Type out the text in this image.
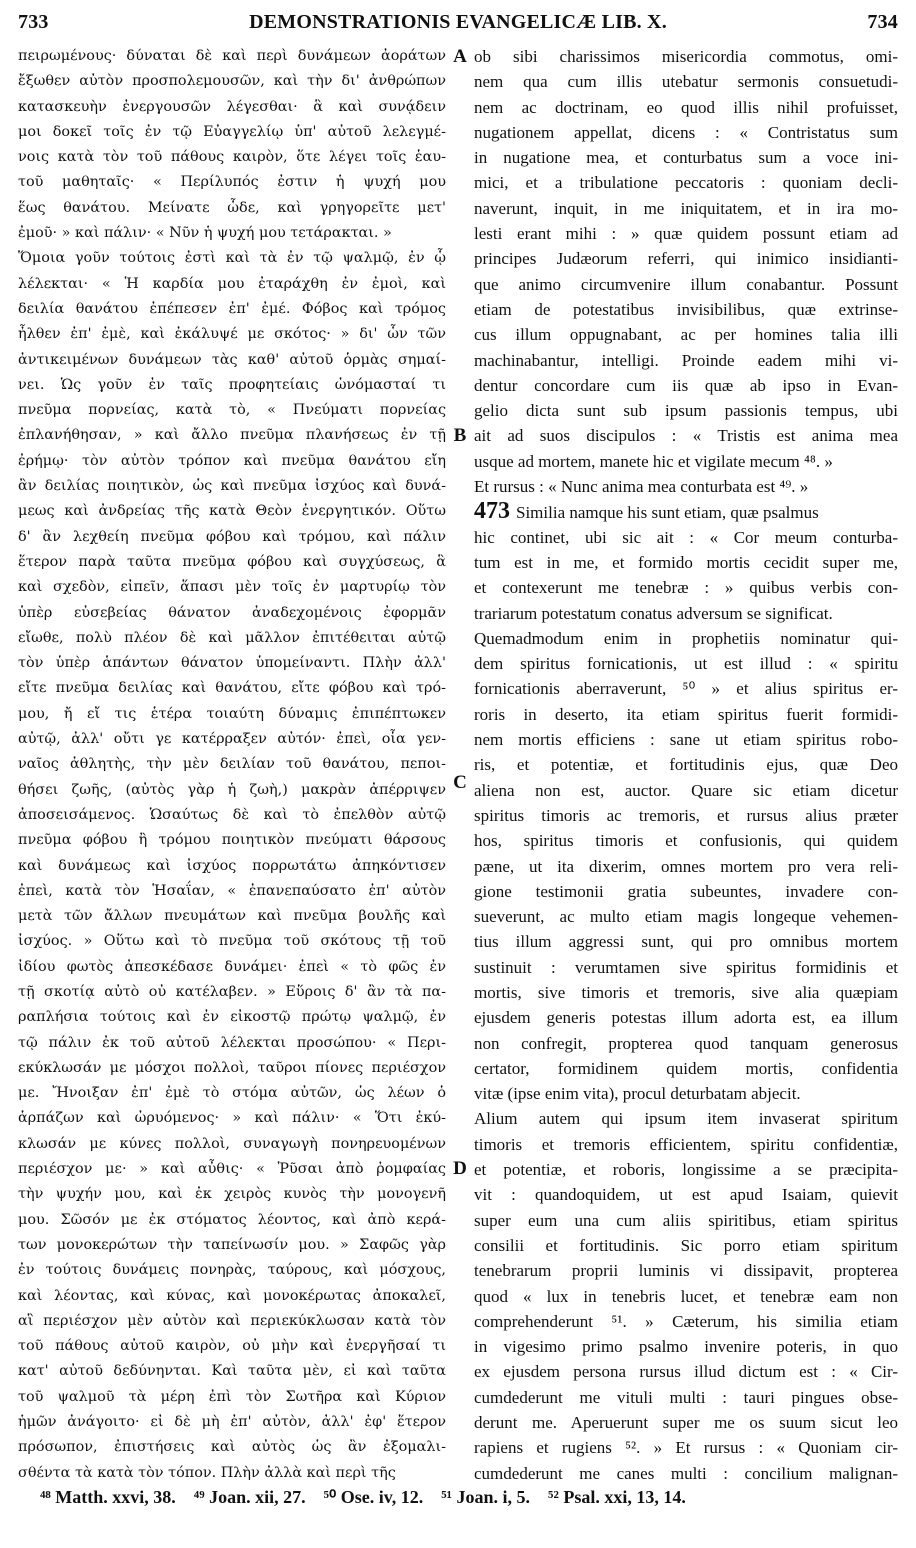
733	DEMONSTRATIONIS EVANGELICÆ LIB. X.	734
πειρωμένους· δύναται δὲ καὶ περὶ δυνάμεων ἀοράτων
ἔξωθεν αὐτὸν προσπολεμουσῶν, καὶ τὴν δι' ἀνθρώπων
κατασκευὴν ἐνεργουσῶν λέγεσθαι· ἃ καὶ συνᾴδειν
μοι δοκεῖ τοῖς ἐν τῷ Εὐαγγελίῳ ὑπ' αὐτοῦ λελεγμέ-
νοις κατὰ τὸν τοῦ πάθους καιρὸν, ὅτε λέγει τοῖς ἑαυ-
τοῦ μαθηταῖς· « Περίλυπός ἐστιν ἡ ψυχή μου
ἕως θανάτου. Μείνατε ὧδε, καὶ γρηγορεῖτε μετ'
ἐμοῦ· » καὶ πάλιν· « Νῦν ἡ ψυχή μου τετάρακται. »
Ὅμοια γοῦν τούτοις ἐστὶ καὶ τὰ ἐν τῷ ψαλμῷ, ἐν ᾧ
λέλεκται· « Ἡ καρδία μου ἐταράχθη ἐν ἐμοὶ, καὶ
δειλία θανάτου ἐπέπεσεν ἐπ' ἐμέ. Φόβος καὶ τρόμος
ἦλθεν ἐπ' ἐμὲ, καὶ ἐκάλυψέ με σκότος· » δι' ὧν τῶν
ἀντικειμένων δυνάμεων τὰς καθ' αὐτοῦ ὁρμὰς σημαί-
νει. Ὡς γοῦν ἐν ταῖς προφητείαις ὠνόμασταί τι
πνεῦμα πορνείας, κατὰ τὸ, « Πνεύματι πορνείας
ἐπλανήθησαν, » καὶ ἄλλο πνεῦμα πλανήσεως ἐν τῇ
ἐρήμῳ· τὸν αὐτὸν τρόπον καὶ πνεῦμα θανάτου εἴη
ἂν δειλίας ποιητικὸν, ὡς καὶ πνεῦμα ἰσχύος καὶ δυνά-
μεως καὶ ἀνδρείας τῆς κατὰ Θεὸν ἐνεργητικόν. Οὕτω
δ' ἂν λεχθείη πνεῦμα φόβου καὶ τρόμου, καὶ πάλιν
ἕτερον παρὰ ταῦτα πνεῦμα φόβου καὶ συγχύσεως, ἃ
καὶ σχεδὸν, εἰπεῖν, ἅπασι μὲν τοῖς ἐν μαρτυρίῳ τὸν
ὑπὲρ εὐσεβείας θάνατον ἀναδεχομένοις ἐφορμᾶν
εἴωθε, πολὺ πλέον δὲ καὶ μᾶλλον ἐπιτέθειται αὐτῷ
τὸν ὑπὲρ ἁπάντων θάνατον ὑπομείναντι. Πλὴν ἀλλ'
εἴτε πνεῦμα δειλίας καὶ θανάτου, εἴτε φόβου καὶ τρό-
μου, ἤ εἴ τις ἑτέρα τοιαύτη δύναμις ἐπιπέπτωκεν
αὐτῷ, ἀλλ' οὔτι γε κατέρραξεν αὐτόν· ἐπεὶ, οἷα γεν-
ναῖος ἀθλητὴς, τὴν μὲν δειλίαν τοῦ θανάτου, πεποι-
θήσει ζωῆς, (αὐτὸς γὰρ ἡ ζωὴ,) μακρὰν ἀπέρριψεν
ἀποσεισάμενος. Ὡσαύτως δὲ καὶ τὸ ἐπελθὸν αὐτῷ
πνεῦμα φόβου ἢ τρόμου ποιητικὸν πνεύματι θάρσους
καὶ δυνάμεως καὶ ἰσχύος πορρωτάτω ἀπηκόντισεν
ἐπεὶ, κατὰ τὸν Ἡσαΐαν, « ἐπανεπαύσατο ἐπ' αὐτὸν
μετὰ τῶν ἄλλων πνευμάτων καὶ πνεῦμα βουλῆς καὶ
ἰσχύος. » Οὕτω καὶ τὸ πνεῦμα τοῦ σκότους τῇ τοῦ
ἰδίου φωτὸς ἀπεσκέδασε δυνάμει· ἐπεὶ « τὸ φῶς ἐν
τῇ σκοτίᾳ αὐτὸ οὐ κατέλαβεν. » Εὕροις δ' ἂν τὰ πα-
ραπλήσια τούτοις καὶ ἐν εἰκοστῷ πρώτῳ ψαλμῷ, ἐν
τῷ πάλιν ἐκ τοῦ αὐτοῦ λέλεκται προσώπου· « Περι-
εκύκλωσάν με μόσχοι πολλοὶ, ταῦροι πίονες περιέσχον
με. Ἤνοιξαν ἐπ' ἐμὲ τὸ στόμα αὐτῶν, ὡς λέων ὁ
ἁρπάζων καὶ ὠρυόμενος· » καὶ πάλιν· « Ὅτι ἐκύ-
κλωσάν με κύνες πολλοὶ, συναγωγὴ πονηρευομένων
περιέσχον με· » καὶ αὖθις· « Ῥῦσαι ἀπὸ ῥομφαίας
τὴν ψυχήν μου, καὶ ἐκ χειρὸς κυνὸς τὴν μονογενῆ
μου. Σῶσόν με ἐκ στόματος λέοντος, καὶ ἀπὸ κερά-
των μονοκερώτων τὴν ταπείνωσίν μου. » Σαφῶς γὰρ
ἐν τούτοις δυνάμεις πονηρὰς, ταύρους, καὶ μόσχους,
καὶ λέοντας, καὶ κύνας, καὶ μονοκέρωτας ἀποκαλεῖ,
αἳ περιέσχον μὲν αὐτὸν καὶ περιεκύκλωσαν κατὰ τὸν
τοῦ πάθους αὐτοῦ καιρὸν, οὐ μὴν καὶ ἐνεργῆσαί τι
κατ' αὐτοῦ δεδύνηνται. Καὶ ταῦτα μὲν, εἰ καὶ ταῦτα
τοῦ ψαλμοῦ τὰ μέρη ἐπὶ τὸν Σωτῆρα καὶ Κύριον
ἡμῶν ἀνάγοιτο· εἰ δὲ μὴ ἐπ' αὐτὸν, ἀλλ' ἐφ' ἕτερον
πρόσωπον, ἐπιστήσεις καὶ αὐτὸς ὡς ἂν ἐξομαλι-
σθέντα τὰ κατὰ τὸν τόπον. Πλὴν ἀλλὰ καὶ περὶ τῆς
ob sibi charissimos misericordia commotus, omi-
nem qua cum illis utebatur sermonis consuetudi-
nem ac doctrinam, eo quod illis nihil profuisset,
nugationem appellat, dicens : « Contristatus sum
in nugatione mea, et conturbatus sum a voce ini-
mici, et a tribulatione peccatoris : quoniam decli-
naverunt, inquit, in me iniquitatem, et in ira mo-
lesti erant mihi : » quæ quidem possunt etiam ad
principes Judæorum referri, qui inimico insidianti-
que animo circumvenire illum conabantur. Possunt
etiam de potestatibus invisibilibus, quæ extrinse-
cus illum oppugnabant, ac per homines talia illi
machinabantur, intelligi. Proinde eadem mihi vi-
dentur concordare cum iis quæ ab ipso in Evan-
gelio dicta sunt sub ipsum passionis tempus, ubi
ait ad suos discipulos : « Tristis est anima mea
usque ad mortem, manete hic et vigilate mecum ⁴⁸. »
Et rursus : « Nunc anima mea conturbata est ⁴⁹. »
473 Similia namque his sunt etiam, quæ psalmus
hic continet, ubi sic ait : « Cor meum conturba-
tum est in me, et formido mortis cecidit super me,
et contexerunt me tenebræ : » quibus verbis con-
trariarum potestatum conatus adversum se significat.
Quemadmodum enim in prophetiis nominatur qui-
dem spiritus fornicationis, ut est illud : « spiritu
fornicationis aberraverunt, ⁵⁰ » et alius spiritus er-
roris in deserto, ita etiam spiritus fuerit formidi-
nem mortis efficiens : sane ut etiam spiritus robo-
ris, et potentiæ, et fortitudinis ejus, quæ Deo
aliena non est, auctor. Quare sic etiam dicetur
spiritus timoris ac tremoris, et rursus alius præter
hos, spiritus timoris et confusionis, qui quidem
pæne, ut ita dixerim, omnes mortem pro vera reli-
gione testimonii gratia subeuntes, invadere con-
sueverunt, ac multo etiam magis longeque vehemen-
tius illum aggressi sunt, qui pro omnibus mortem
sustinuit : verumtamen sive spiritus formidinis et
mortis, sive timoris et tremoris, sive alia quæpiam
ejusdem generis potestas illum adorta est, ea illum
non confregit, propterea quod tanquam generosus
certator, formidinem quidem mortis, confidentia
vitæ (ipse enim vita), procul deturbatam abjecit.
Alium autem qui ipsum item invaserat spiritum
timoris et tremoris efficientem, spiritu confidentiæ,
et potentiæ, et roboris, longissime a se præcipita-
vit : quandoquidem, ut est apud Isaiam, quievit
super eum una cum aliis spiritibus, etiam spiritus
consilii et fortitudinis. Sic porro etiam spiritum
tenebrarum proprii luminis vi dissipavit, propterea
quod « lux in tenebris lucet, et tenebræ eam non
comprehenderunt ⁵¹. » Cæterum, his similia etiam
in vigesimo primo psalmo invenire poteris, in quo
ex ejusdem persona rursus illud dictum est : « Cir-
cumdederunt me vituli multi : tauri pingues obse-
derunt me. Aperuerunt super me os suum sicut leo
rapiens et rugiens ⁵². » Et rursus : « Quoniam cir-
cumdederunt me canes multi : concilium malignan-
A
B
C
D
⁴⁸ Matth. xxvi, 38. ⁴⁹ Joan. xii, 27. ⁵⁰ Ose. iv, 12. ⁵¹ Joan. i, 5. ⁵² Psal. xxi, 13, 14.
